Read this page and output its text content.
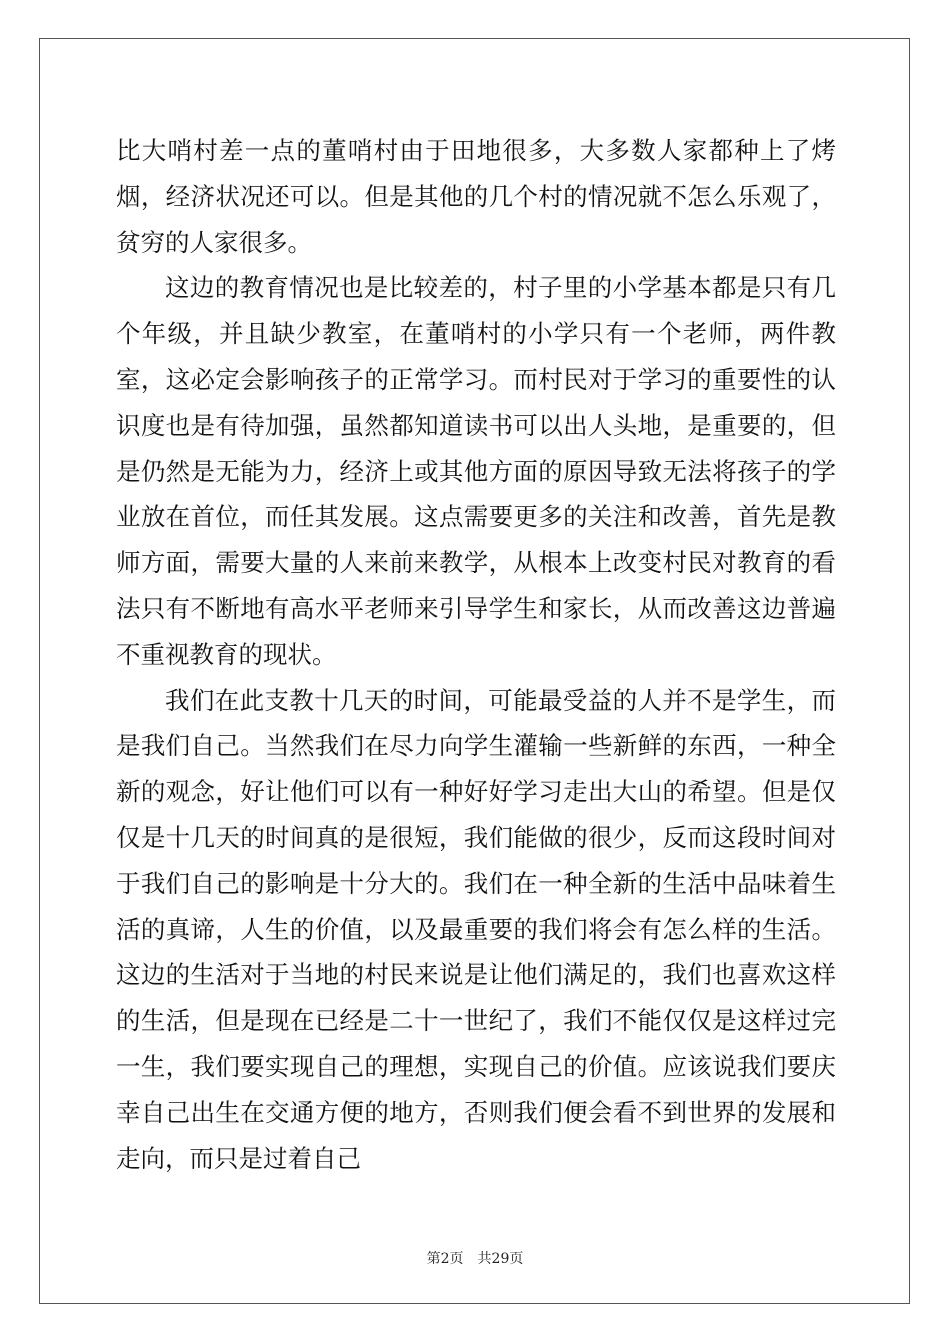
比大哨村差一点的董哨村由于田地很多，大多数人家都种上了烤烟，经济状况还可以。但是其他的几个村的情况就不怎么乐观了，贫穷的人家很多。

这边的教育情况也是比较差的，村子里的小学基本都是只有几个年级，并且缺少教室，在董哨村的小学只有一个老师，两件教室，这必定会影响孩子的正常学习。而村民对于学习的重要性的认识度也是有待加强，虽然都知道读书可以出人头地，是重要的，但是仍然是无能为力，经济上或其他方面的原因导致无法将孩子的学业放在首位，而任其发展。这点需要更多的关注和改善，首先是教师方面，需要大量的人来前来教学，从根本上改变村民对教育的看法只有不断地有高水平老师来引导学生和家长，从而改善这边普遍不重视教育的现状。

我们在此支教十几天的时间，可能最受益的人并不是学生，而是我们自己。当然我们在尽力向学生灌输一些新鲜的东西，一种全新的观念，好让他们可以有一种好好学习走出大山的希望。但是仅仅是十几天的时间真的是很短，我们能做的很少，反而这段时间对于我们自己的影响是十分大的。我们在一种全新的生活中品味着生活的真谛，人生的价值，以及最重要的我们将会有怎么样的生活。这边的生活对于当地的村民来说是让他们满足的，我们也喜欢这样的生活，但是现在已经是二十一世纪了，我们不能仅仅是这样过完一生，我们要实现自己的理想，实现自己的价值。应该说我们要庆幸自己出生在交通方便的地方，否则我们便会看不到世界的发展和走向，而只是过着自己

第2页 共29页
